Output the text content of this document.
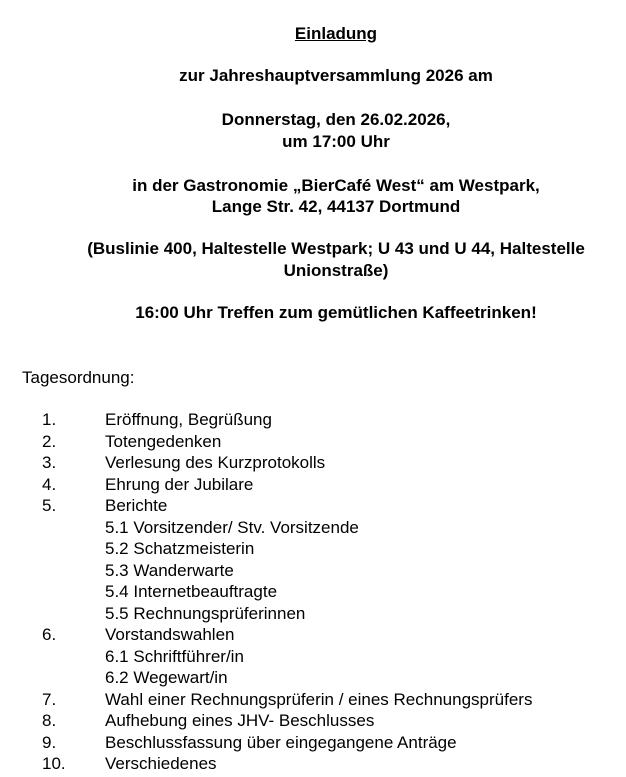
Einladung
zur Jahreshauptversammlung 2026 am
Donnerstag, den 26.02.2026,
um 17:00 Uhr
in der Gastronomie „BierCafé West“ am Westpark,
Lange Str. 42, 44137 Dortmund
(Buslinie 400, Haltestelle Westpark; U 43 und U 44, Haltestelle
Unionstraße)
16:00 Uhr Treffen zum gemütlichen Kaffeetrinken!
Tagesordnung:
1.	Eröffnung, Begrüßung
2.	Totengedenken
3.	Verlesung des Kurzprotokolls
4.	Ehrung der Jubilare
5.	Berichte
5.1 Vorsitzender/ Stv. Vorsitzende
5.2 Schatzmeisterin
5.3 Wanderwarte
5.4 Internetbeauftragte
5.5 Rechnungsprüferinnen
6.	Vorstandswahlen
6.1 Schriftführer/in
6.2 Wegewart/in
7.	Wahl einer Rechnungsprüferin / eines Rechnungsprüfers
8.	Aufhebung eines JHV- Beschlusses
9.	Beschlussfassung über eingegangene Anträge
10. Verschiedenes
